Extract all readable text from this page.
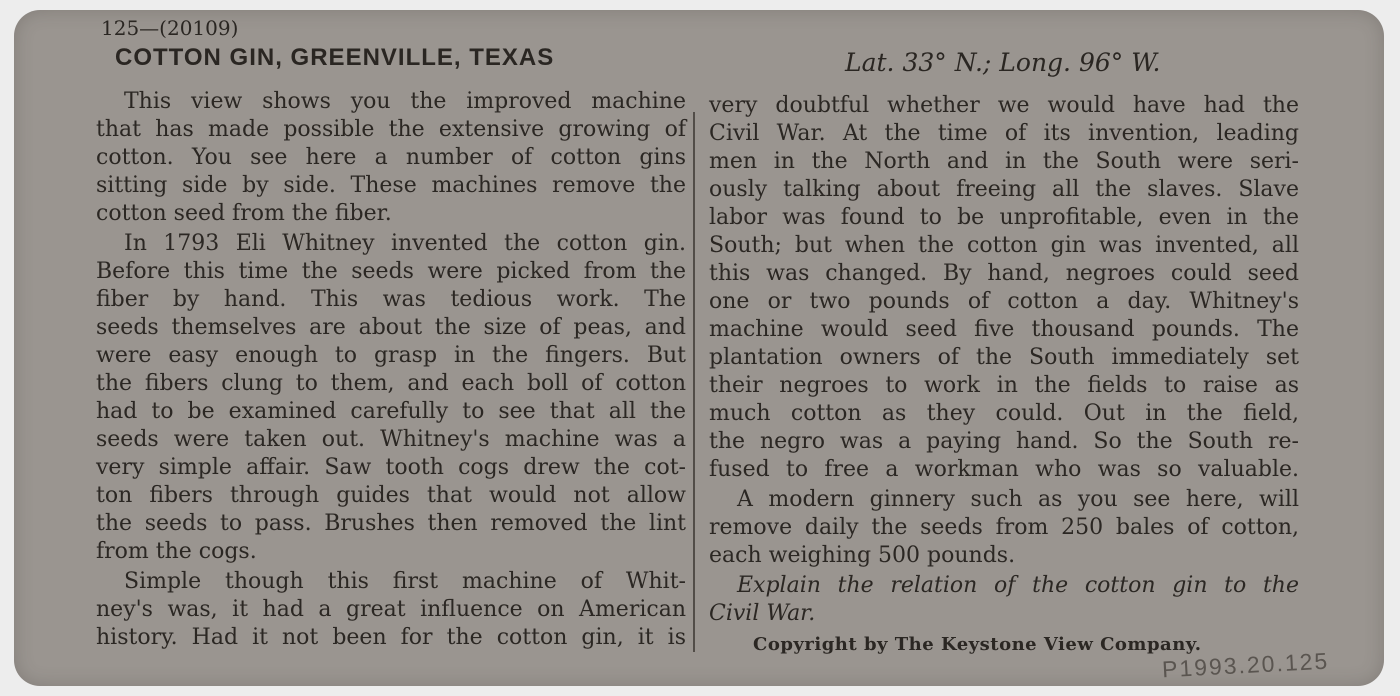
125—(20109)
COTTON GIN, GREENVILLE, TEXAS	Lat. 33° N.; Long. 96° W.
This view shows you the improved machine
that has made possible the extensive growing of
cotton. You see here a number of cotton gins
sitting side by side. These machines remove the
cotton seed from the fiber.
In 1793 Eli Whitney invented the cotton gin.
Before this time the seeds were picked from the
fiber by hand. This was tedious work. The
seeds themselves are about the size of peas, and
were easy enough to grasp in the fingers. But
the fibers clung to them, and each boll of cotton
had to be examined carefully to see that all the
seeds were taken out. Whitney's machine was a
very simple affair. Saw tooth cogs drew the cot-
ton fibers through guides that would not allow
the seeds to pass. Brushes then removed the lint
from the cogs.
Simple though this first machine of Whit-
ney's was, it had a great influence on American
history. Had it not been for the cotton gin, it is
very doubtful whether we would have had the
Civil War. At the time of its invention, leading
men in the North and in the South were seri-
ously talking about freeing all the slaves. Slave
labor was found to be unprofitable, even in the
South; but when the cotton gin was invented, all
this was changed. By hand, negroes could seed
one or two pounds of cotton a day. Whitney's
machine would seed five thousand pounds. The
plantation owners of the South immediately set
their negroes to work in the fields to raise as
much cotton as they could. Out in the field,
the negro was a paying hand. So the South re-
fused to free a workman who was so valuable.
A modern ginnery such as you see here, will
remove daily the seeds from 250 bales of cotton,
each weighing 500 pounds.
Explain the relation of the cotton gin to the
Civil War.
Copyright by The Keystone View Company.
P1993.20.125
